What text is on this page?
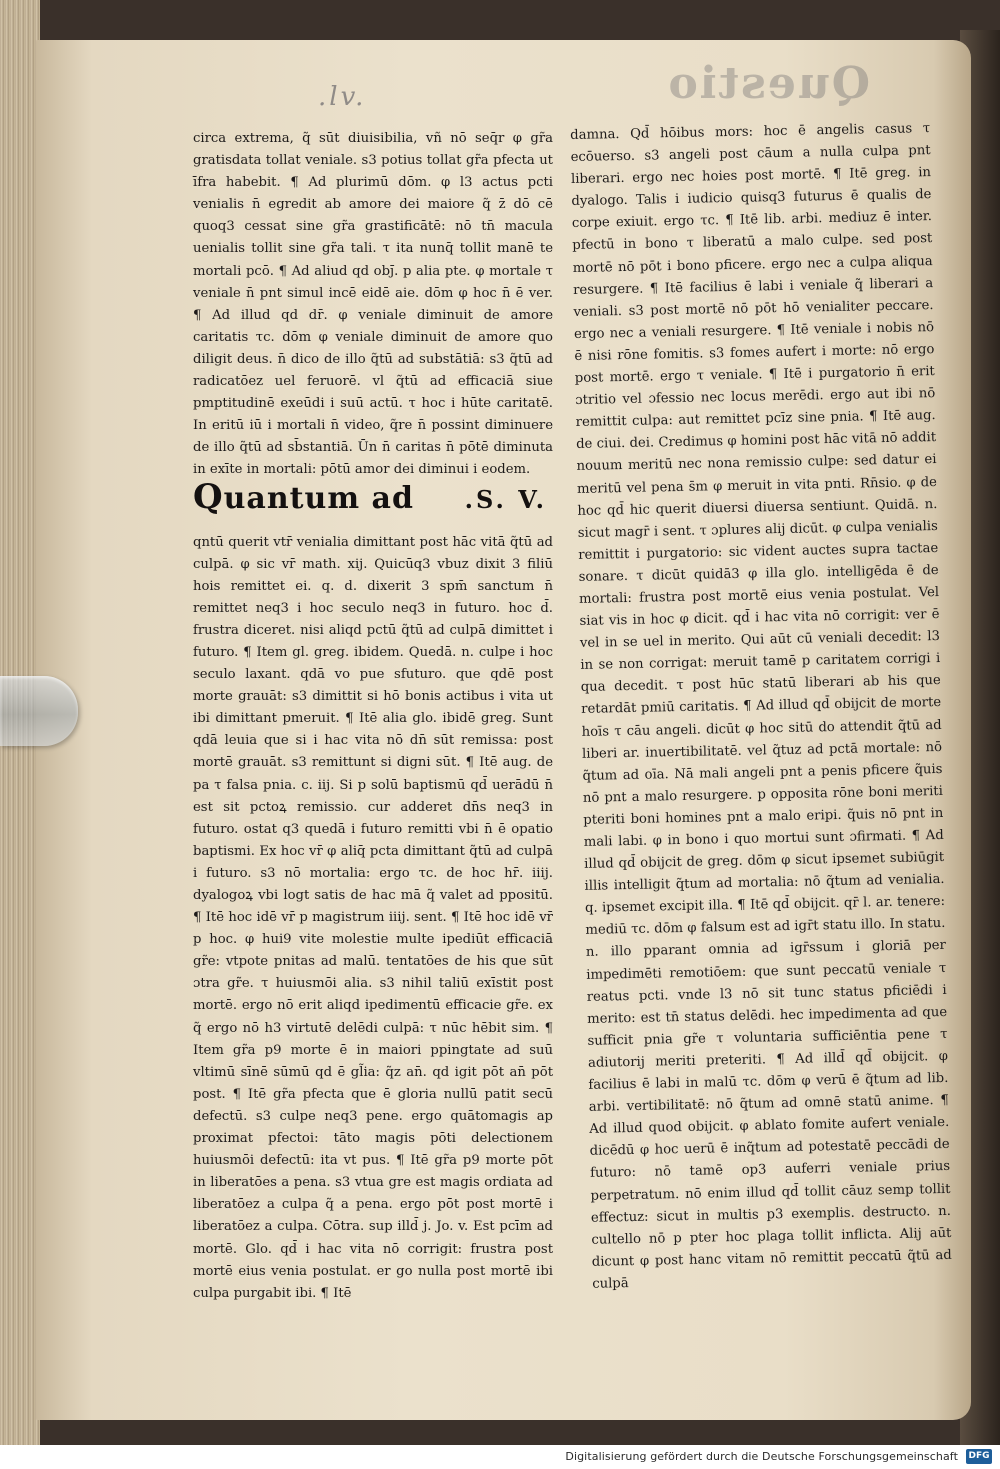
Questio
.lv.

circa extrema, q̃ sūt diuisibilia, vñ nō seq̄r φ gr̃a gratisdata tollat veniale. s3 potius tollat gr̃a pfecta ut īfra habebit. ¶ Ad plurimū dōm. φ l3 actus pcti venialis n̄ egredit ab amore dei maiore q̃ z̄ dō cē quoq3 cessat sine gr̃a grastificātē: nō tn̄ macula uenialis tollit sine gr̃a tali. τ ita nunq̄ tollit manē te mortali pcō. ¶ Ad aliud qd obj̄. p alia pte. φ mortale τ veniale n̄ pnt simul incē eidē aie. dōm φ hoc n̄ ē ver. ¶ Ad illud qd dr̄. φ veniale diminuit de amore caritatis τc. dōm φ veniale diminuit de amore quo diligit deus. n̄ dico de illo q̃tū ad substātiā: s3 q̃tū ad radicatōez uel feruorē. vl q̃tū ad efficaciā siue pmptitudinē exeūdi i suū actū. τ hoc i hūte caritatē. In eritū iū i mortali n̄ video, q̃re n̄ possint diminuere de illo q̃tū ad sb̄stantiā. Ūn n̄ caritas n̄ pōtē diminuta in exīte in mortali: pōtū amor dei diminui i eodem.

Quantum ad .S. V.

qntū querit vtr̄ venialia dimittant post hāc vitā q̃tū ad culpā. φ sic vr̄ math. xij. Quicūq3 vbuz dixit 3 filiū hois remittet ei. q. d. dixerit 3 spm̄ sanctum n̄ remittet neq3 i hoc seculo neq3 in futuro. hoc d̄. frustra diceret. nisi aliqd pctū q̃tū ad culpā dimittet i futuro. ¶ Item gl. greg. ibidem. Quedā. n. culpe i hoc seculo laxant. qdā vo pue sfuturo. que qdē post morte grauāt: s3 dimittit si hō bonis actibus i vita ut ibi dimittant pmeruit. ¶ Itē alia glo. ibidē greg. Sunt qdā leuia que si i hac vita nō dn̄ sūt remissa: post mortē grauāt. s3 remittunt si digni sūt. ¶ Itē aug. de pa τ falsa pnia. c. iij. Si p solū baptismū qd̄ uerādū n̄ est sit pctoꝝ remissio. cur adderet dn̄s neq3 in futuro. ostat q3 quedā i futuro remitti vbi n̄ ē opatio baptismi. Ex hoc vr̄ φ aliq̄ pcta dimittant q̃tū ad culpā i futuro. s3 nō mortalia: ergo τc. de hoc hr̄. iiij. dyalogoꝝ vbi logt satis de hac mā q̃ valet ad ppositū. ¶ Itē hoc idē vr̄ p magistrum iiij. sent. ¶ Itē hoc idē vr̄ p hoc. φ hui9 vite molestie multe ipediūt efficaciā gr̃e: vtpote pnitas ad malū. tentatōes de his que sūt ɔtra gr̃e. τ huiusmōi alia. s3 nihil taliū exīstit post mortē. ergo nō erit aliqd ipedimentū efficacie gr̃e. ex q̃ ergo nō h3 virtutē delēdi culpā: τ nūc hēbit sim. ¶ Item gr̃a p9 morte ē in maiori ppingtate ad suū vltimū sīnē sūmū qd ē gl̃ia: q̃z an̄. qd igit pōt an̄ pōt post. ¶ Itē gr̃a pfecta que ē gloria nullū patit secū defectū. s3 culpe neq3 pene. ergo quātomagis ap proximat pfectoi: tāto magis pōti delectionem huiusmōi defectū: ita vt pus. ¶ Itē gr̃a p9 morte pōt in liberatōes a pena. s3 vtua gre est magis ordiata ad liberatōez a culpa q̃ a pena. ergo pōt post mortē i liberatōez a culpa. Cōtra. sup illd̄ j. Jo. v. Est pcīm ad mortē. Glo. qd̄ i hac vita nō corrigit: frustra post mortē eius venia postulat. er go nulla post mortē ibi culpa purgabit ibi. ¶ Itē

damna. Qd̄ hōibus mors: hoc ē angelis casus τ ecōuerso. s3 angeli post cāum a nulla culpa pnt liberari. ergo nec hoies post mortē. ¶ Itē greg. in dyalogo. Talis i iudicio quisq3 futurus ē qualis de corpe exiuit. ergo τc. ¶ Itē lib. arbi. mediuz ē inter. pfectū in bono τ liberatū a malo culpe. sed post mortē nō pōt i bono pficere. ergo nec a culpa aliqua resurgere. ¶ Itē facilius ē labi i veniale q̃ liberari a veniali. s3 post mortē nō pōt hō venialiter peccare. ergo nec a veniali resurgere. ¶ Itē veniale i nobis nō ē nisi rōne fomitis. s3 fomes aufert i morte: nō ergo post mortē. ergo τ veniale. ¶ Itē i purgatorio n̄ erit ɔtritio vel ɔfessio nec locus merēdi. ergo aut ibi nō remittit culpa: aut remittet pcīz sine pnia. ¶ Itē aug. de ciui. dei. Credimus φ homini post hāc vitā nō addit nouum meritū nec nona remissio culpe: sed datur ei meritū vel pena s̄m φ meruit in vita pnti. Rn̄sio. φ de hoc qd̄ hic querit diuersi diuersa sentiunt. Quidā. n. sicut magr̄ i sent. τ ɔplures alij dicūt. φ culpa venialis remittit i purgatorio: sic vident auctes supra tactae sonare. τ dicūt quidā3 φ illa glo. intelligēda ē de mortali: frustra post mortē eius venia postulat. Vel siat vis in hoc φ dicit. qd̄ i hac vita nō corrigit: ver ē vel in se uel in merito. Qui aūt cū veniali decedit: l3 in se non corrigat: meruit tamē p caritatem corrigi i qua decedit. τ post hūc statū liberari ab his que retardāt pmiū caritatis. ¶ Ad illud qd̄ obijcit de morte hoīs τ cāu angeli. dicūt φ hoc sitū do attendit q̃tū ad liberi ar. inuertibilitatē. vel q̃tuz ad pctā mortale: nō q̃tum ad oīa. Nā mali angeli pnt a penis pficere q̃uis nō pnt a malo resurgere. p opposita rōne boni meriti pteriti boni homines pnt a malo eripi. q̃uis nō pnt in mali labi. φ in bono i quo mortui sunt ɔfirmati. ¶ Ad illud qd̄ obijcit de greg. dōm φ sicut ipsemet subiūgit illis intelligit q̃tum ad mortalia: nō q̃tum ad venialia. q. ipsemet excipit illa. ¶ Itē qd̄ obijcit. qr̄ l. ar. tenere: mediū τc. dōm φ falsum est ad igr̄t statu illo. In statu. n. illo pparant omnia ad igr̄ssum i gloriā per impedimēti remotiōem: que sunt peccatū veniale τ reatus pcti. vnde l3 nō sit tunc status pficiēdi i merito: est tn̄ status delēdi. hec impedimenta ad que sufficit pnia gr̃e τ voluntaria sufficiēntia pene τ adiutorij meriti preteriti. ¶ Ad illd̄ qd̄ obijcit. φ facilius ē labi in malū τc. dōm φ verū ē q̃tum ad lib. arbi. vertibilitatē: nō q̃tum ad omnē statū anime. ¶ Ad illud quod obijcit. φ ablato fomite aufert veniale. dicēdū φ hoc uerū ē inq̃tum ad potestatē peccādi de futuro: nō tamē op3 auferri veniale prius perpetratum. nō enim illud qd̄ tollit cāuz semp tollit effectuz: sicut in multis p3 exemplis. destructo. n. cultello nō p pter hoc plaga tollit inflicta. Alij aūt dicunt φ post hanc vitam nō remittit peccatū q̃tū ad culpā

Digitalisierung gefördert durch die Deutsche Forschungsgemeinschaft DFG
